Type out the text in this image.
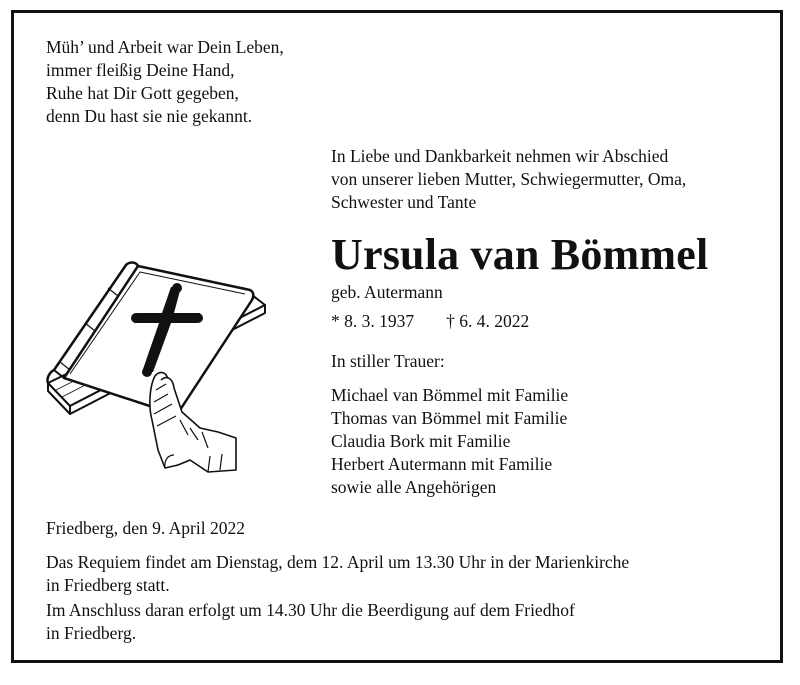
Müh’ und Arbeit war Dein Leben,

immer fleißig Deine Hand,

Ruhe hat Dir Gott gegeben,

denn Du hast sie nie gekannt.

In Liebe und Dankbarkeit nehmen wir Abschied

von unserer lieben Mutter, Schwiegermutter, Oma,

Schwester und Tante

Ursula van Bömmel
geb. Autermann
* 8. 3. 1937 † 6. 4. 2022
In stiller Trauer:

Michael van Bömmel mit Familie

Thomas van Bömmel mit Familie

Claudia Bork mit Familie

Herbert Autermann mit Familie

sowie alle Angehörigen

Friedberg, den 9. April 2022

Das Requiem findet am Dienstag, dem 12. April um 13.30 Uhr in der Marienkirche

in Friedberg statt.

Im Anschluss daran erfolgt um 14.30 Uhr die Beerdigung auf dem Friedhof

in Friedberg.
